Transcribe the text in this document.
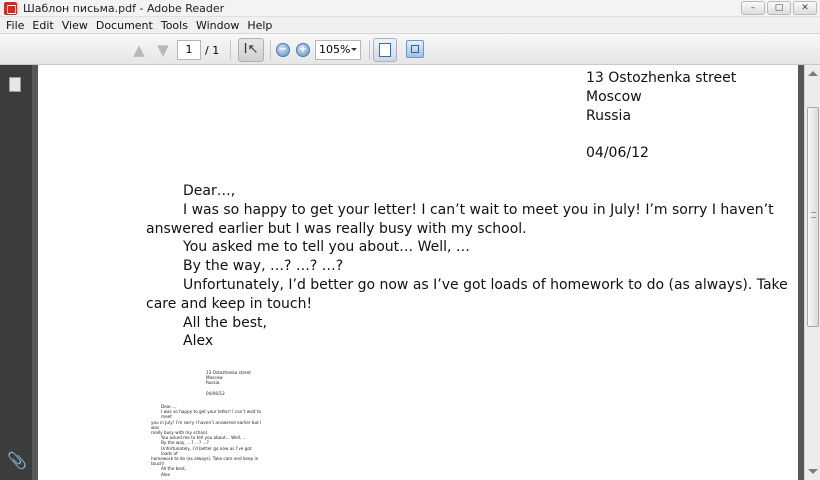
Шаблон письма.pdf - Adobe Reader	–	□	✕
File Edit View Document Tools Window Help
▲ ▼	1	/ 1	I↖	− +	105%
📎
13 Ostozhenka street
Moscow
Russia
04/06/12
Dear…,
I was so happy to get your letter! I can’t wait to meet you in July! I’m sorry I haven’t
answered earlier but I was really busy with my school.
You asked me to tell you about… Well, …
By the way, …? …? …?
Unfortunately, I’d better go now as I’ve got loads of homework to do (as always). Take
care and keep in touch!
All the best,
Alex
13 Ostozhenka street
Moscow
Russia
04/06/12
Dear…,
I was so happy to get your letter! I can’t wait to meet
you in July! I’m sorry I haven’t answered earlier but I was
really busy with my school.
You asked me to tell you about… Well, …
By the way, …? …? …?
Unfortunately, I’d better go now as I’ve got loads of
homework to do (as always). Take care and keep in touch!
All the best,
Alex
